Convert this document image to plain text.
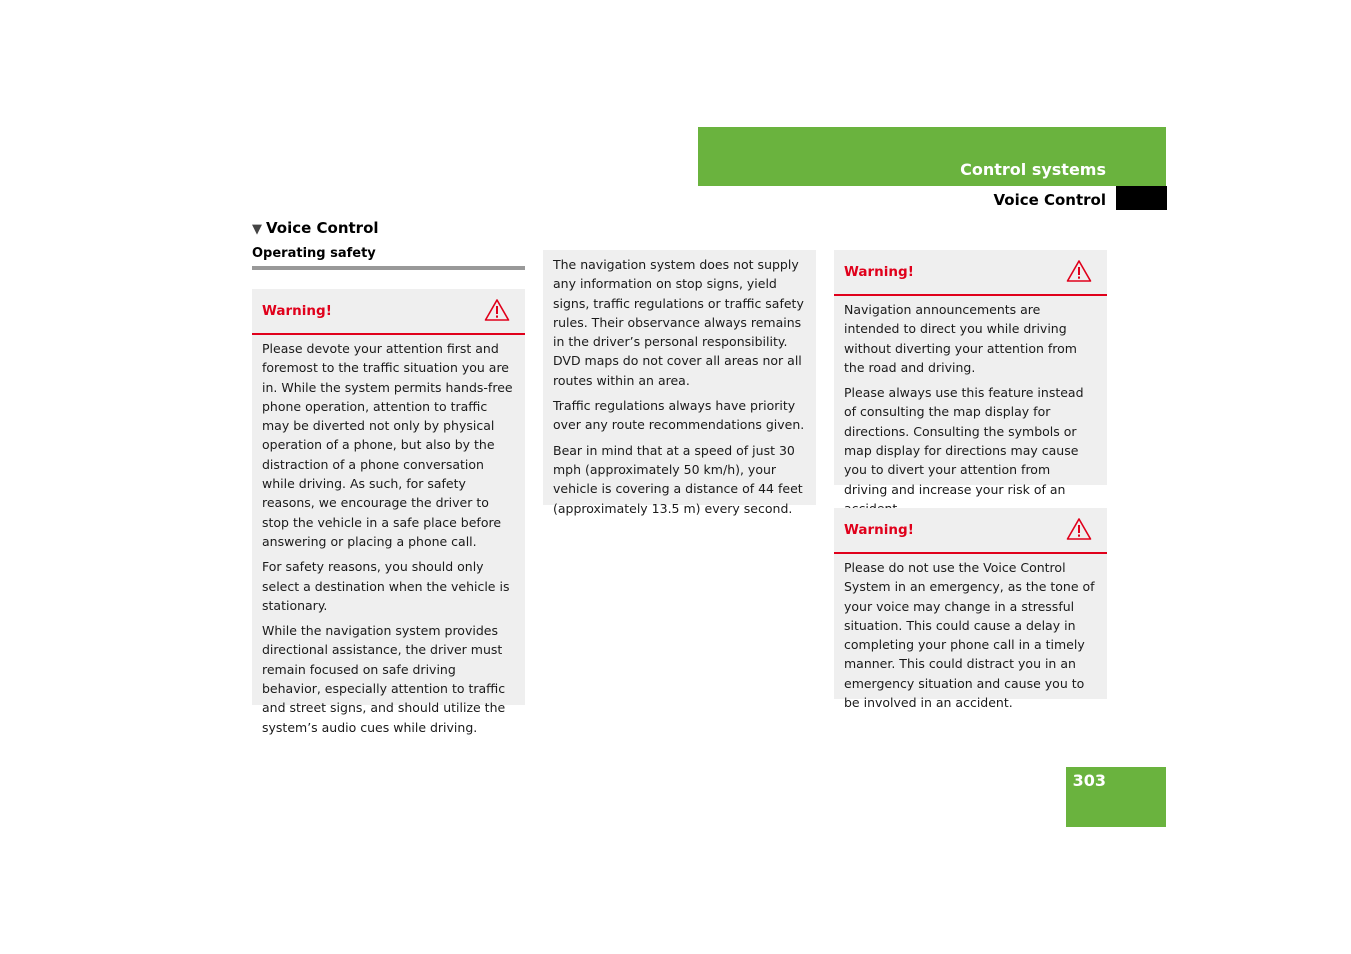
Control systems
Voice Control
▼ Voice Control
Operating safety
Warning!

Please devote your attention first and foremost to the traffic situation you are in. While the system permits hands-free phone operation, attention to traffic may be diverted not only by physical operation of a phone, but also by the distraction of a phone conversation while driving. As such, for safety reasons, we encourage the driver to stop the vehicle in a safe place before answering or placing a phone call.

For safety reasons, you should only select a destination when the vehicle is stationary.

While the navigation system provides directional assistance, the driver must remain focused on safe driving behavior, especially attention to traffic and street signs, and should utilize the system’s audio cues while driving.

The navigation system does not supply any information on stop signs, yield signs, traffic regulations or traffic safety rules. Their observance always remains in the driver’s personal responsibility. DVD maps do not cover all areas nor all routes within an area.

Traffic regulations always have priority over any route recommendations given.

Bear in mind that at a speed of just 30 mph (approximately 50 km/h), your vehicle is covering a distance of 44 feet (approximately 13.5 m) every second.

Warning!

Navigation announcements are intended to direct you while driving without diverting your attention from the road and driving.

Please always use this feature instead of consulting the map display for directions. Consulting the symbols or map display for directions may cause you to divert your attention from driving and increase your risk of an

Warning!

Please do not use the Voice Control System in an emergency, as the tone of your voice may change in a stressful situation. This could cause a delay in completing your phone call in a timely manner. This could distract you in an emergency situation and cause you to be involved in an accident.

303
